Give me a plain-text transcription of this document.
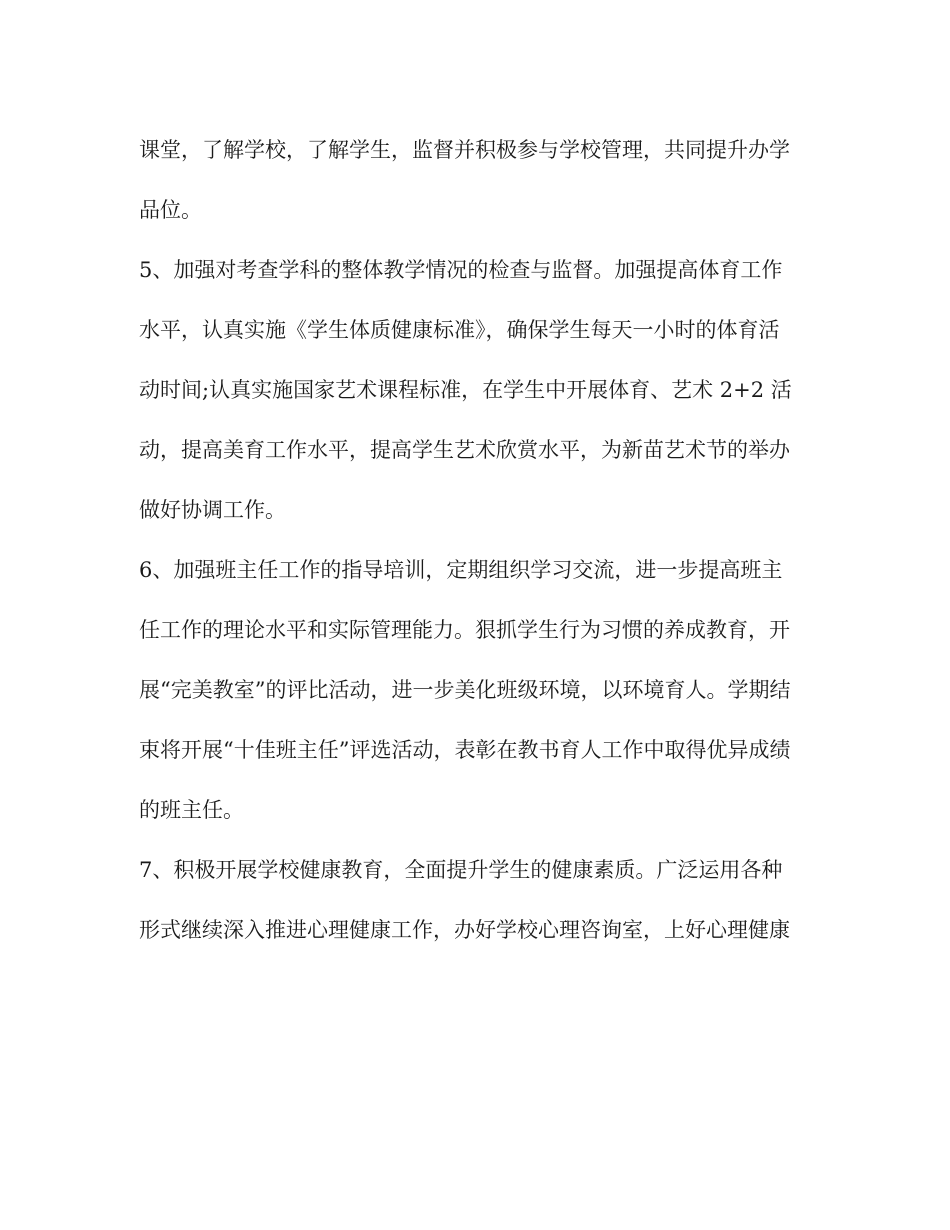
课堂，了解学校，了解学生，监督并积极参与学校管理，共同提升办学
品位。
5、加强对考查学科的整体教学情况的检查与监督。加强提高体育工作
水平，认真实施《学生体质健康标准》，确保学生每天一小时的体育活
动时间;认真实施国家艺术课程标准，在学生中开展体育、艺术 2+2 活
动，提高美育工作水平，提高学生艺术欣赏水平，为新苗艺术节的举办
做好协调工作。
6、加强班主任工作的指导培训，定期组织学习交流，进一步提高班主
任工作的理论水平和实际管理能力。狠抓学生行为习惯的养成教育，开
展“完美教室”的评比活动，进一步美化班级环境，以环境育人。学期结
束将开展“十佳班主任”评选活动，表彰在教书育人工作中取得优异成绩
的班主任。
7、积极开展学校健康教育，全面提升学生的健康素质。广泛运用各种
形式继续深入推进心理健康工作，办好学校心理咨询室，上好心理健康
